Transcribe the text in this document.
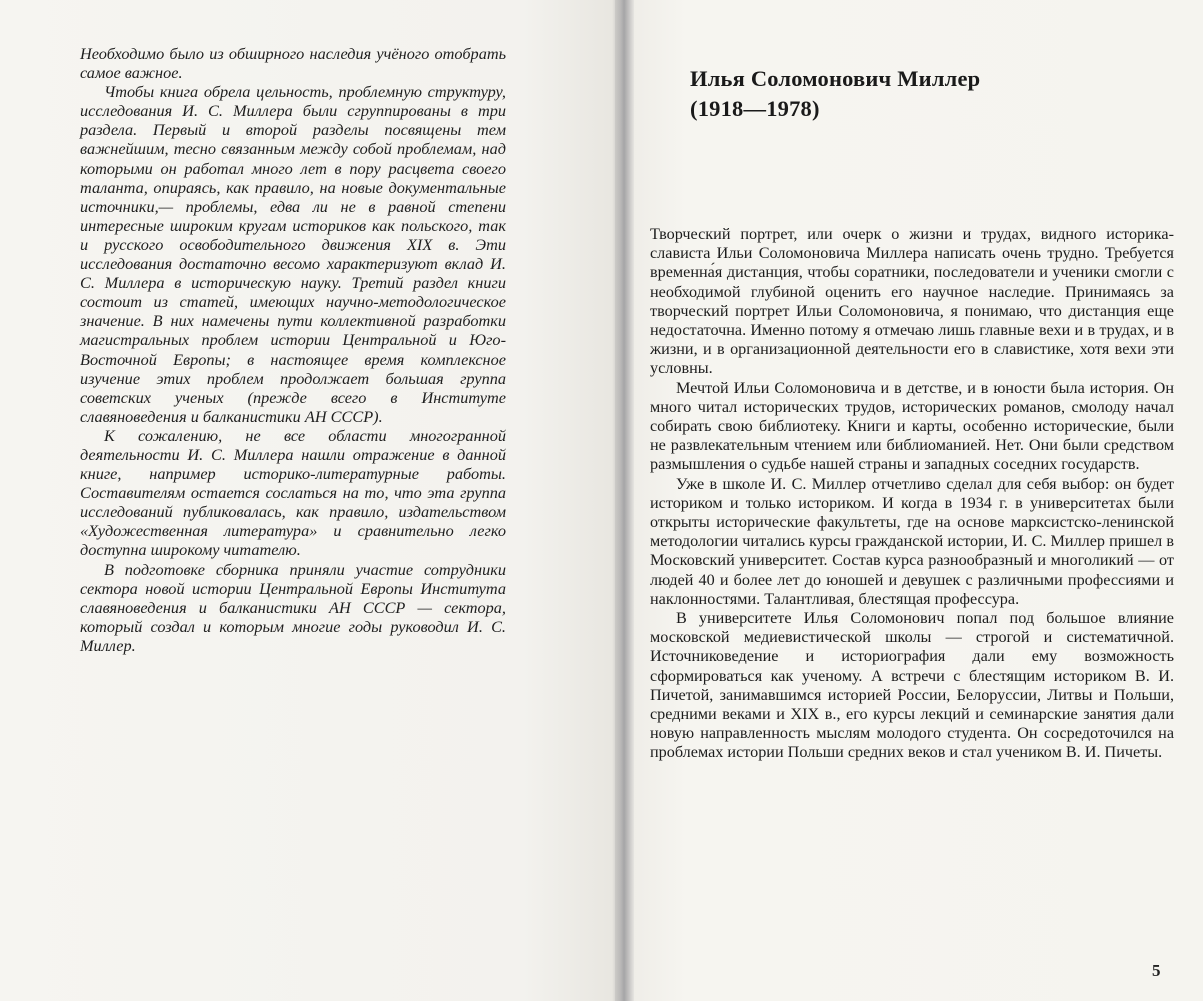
Необходимо было из обширного наследия учёного отобрать самое важное.

Чтобы книга обрела цельность, проблемную структуру, исследования И. С. Миллера были сгруппированы в три раздела. Первый и второй разделы посвящены тем важнейшим, тесно связанным между собой проблемам, над которыми он работал много лет в пору расцвета своего таланта, опираясь, как правило, на новые документальные источники,— проблемы, едва ли не в равной степени интересные широким кругам историков как польского, так и русского освободительного движения XIX в. Эти исследования достаточно весомо характеризуют вклад И. С. Миллера в историческую науку. Третий раздел книги состоит из статей, имеющих научно-методологическое значение. В них намечены пути коллективной разработки магистральных проблем истории Центральной и Юго-Восточной Европы; в настоящее время комплексное изучение этих проблем продолжает большая группа советских ученых (прежде всего в Институте славяноведения и балканистики АН СССР).

К сожалению, не все области многогранной деятельности И. С. Миллера нашли отражение в данной книге, например историко-литературные работы. Составителям остается сослаться на то, что эта группа исследований публиковалась, как правило, издательством «Художественная литература» и сравнительно легко доступна широкому читателю.

В подготовке сборника приняли участие сотрудники сектора новой истории Центральной Европы Института славяноведения и балканистики АН СССР — сектора, который создал и которым многие годы руководил И. С. Миллер.

Илья Соломонович Миллер
(1918—1978)

Творческий портрет, или очерк о жизни и трудах, видного историка-слависта Ильи Соломоновича Миллера написать очень трудно. Требуется временна́я дистанция, чтобы соратники, последователи и ученики смогли с необходимой глубиной оценить его научное наследие. Принимаясь за творческий портрет Ильи Соломоновича, я понимаю, что дистанция еще недостаточна. Именно потому я отмечаю лишь главные вехи и в трудах, и в жизни, и в организационной деятельности его в славистике, хотя вехи эти условны.

Мечтой Ильи Соломоновича и в детстве, и в юности была история. Он много читал исторических трудов, исторических романов, смолоду начал собирать свою библиотеку. Книги и карты, особенно исторические, были не развлекательным чтением или библиоманией. Нет. Они были средством размышления о судьбе нашей страны и западных соседних государств.

Уже в школе И. С. Миллер отчетливо сделал для себя выбор: он будет историком и только историком. И когда в 1934 г. в университетах были открыты исторические факультеты, где на основе марксистско-ленинской методологии читались курсы гражданской истории, И. С. Миллер пришел в Московский университет. Состав курса разнообразный и многоликий — от людей 40 и более лет до юношей и девушек с различными профессиями и наклонностями. Талантливая, блестящая профессура.

В университете Илья Соломонович попал под большое влияние московской медиевистической школы — строгой и систематичной. Источниковедение и историография дали ему возможность сформироваться как ученому. А встречи с блестящим историком В. И. Пичетой, занимавшимся историей России, Белоруссии, Литвы и Польши, средними веками и XIX в., его курсы лекций и семинарские занятия дали новую направленность мыслям молодого студента. Он сосредоточился на проблемах истории Польши средних веков и стал учеником В. И. Пичеты.

5
